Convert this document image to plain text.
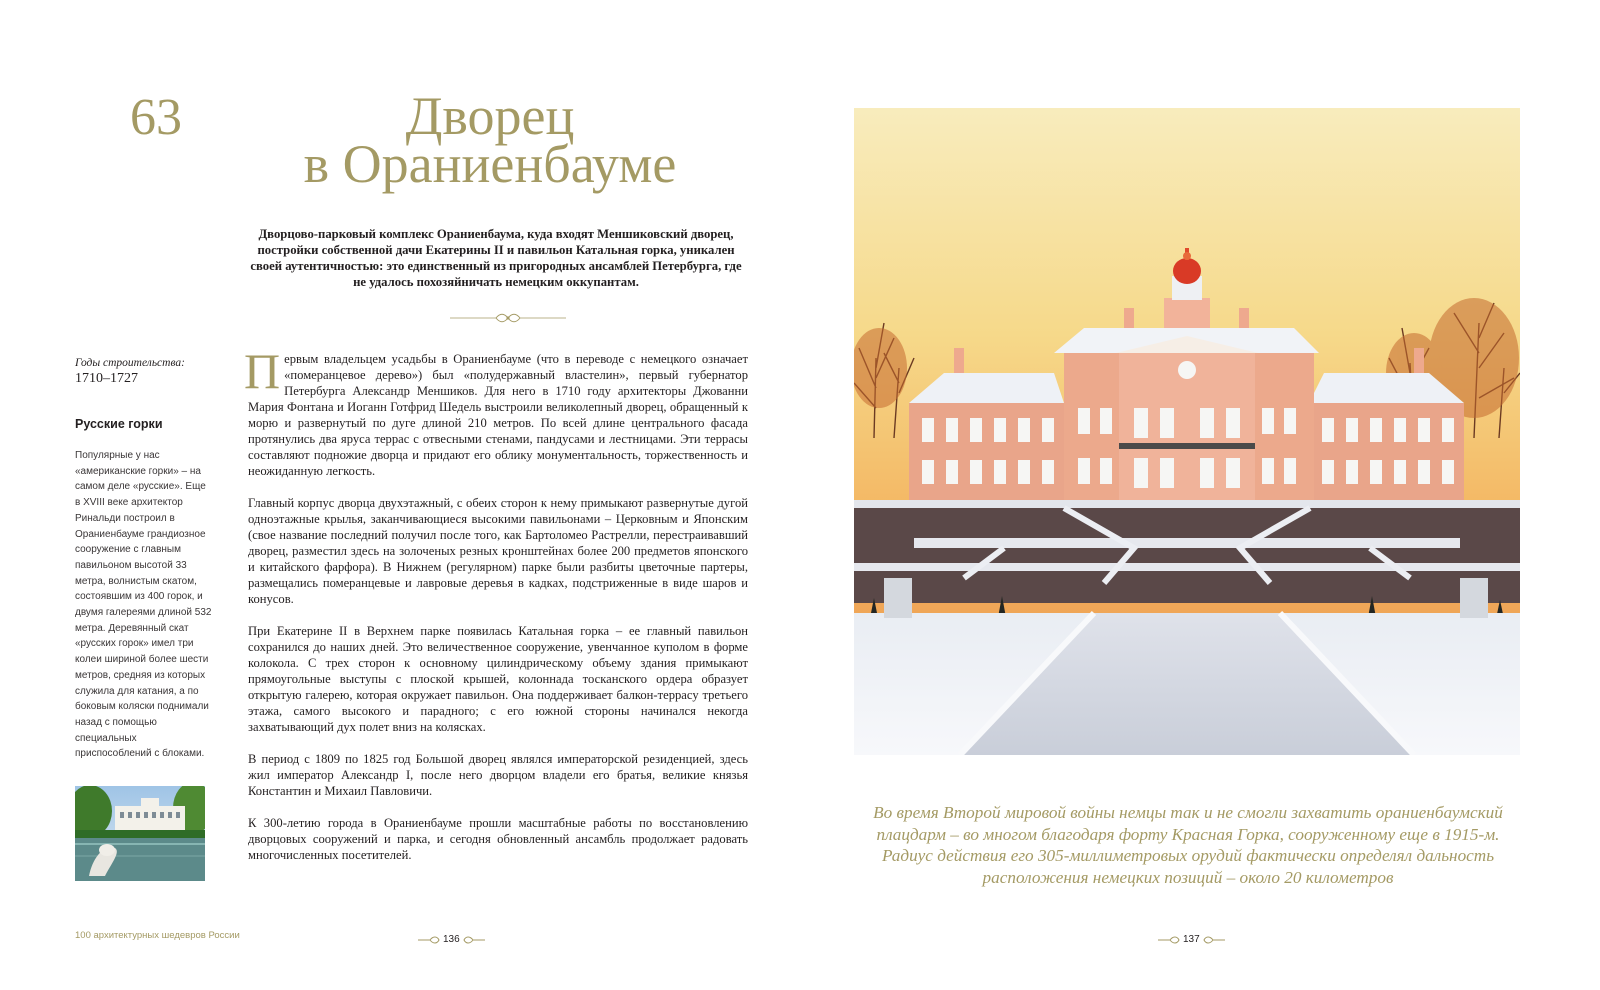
63	Дворец
в Ораниенбауме
Дворцово-парковый комплекс Ораниенбаума, куда входят Меншиковский дворец, постройки собственной дачи Екатерины II и павильон Катальная горка, уникален своей аутентичностью: это единственный из пригородных ансамблей Петербурга, где не удалось похозяйничать немецким оккупантам.
Годы строительства:
1710–1727
Русские горки
Популярные у нас «американские горки» – на самом деле «русские». Еще в XVIII веке архитектор Ринальди построил в Ораниенбауме грандиозное сооружение с главным павильоном высотой 33 метра, волнистым скатом, состоявшим из 400 горок, и двумя галереями длиной 532 метра. Деревянный скат «русских горок» имел три колеи шириной более шести метров, средняя из которых служила для катания, а по боковым коляски поднимали назад с помощью специальных приспособлений с блоками.

Первым владельцем усадьбы в Ораниенбауме (что в переводе с немецкого означает «померанцевое дерево») был «полудержавный властелин», первый губернатор Петербурга Александр Меншиков. Для него в 1710 году архитекторы Джованни Мария Фонтана и Иоганн Готфрид Шедель выстроили великолепный дворец, обращенный к морю и развернутый по дуге длиной 210 метров. По всей длине центрального фасада протянулись два яруса террас с отвесными стенами, пандусами и лестницами. Эти террасы составляют подножие дворца и придают его облику монументальность, торжественность и неожиданную легкость.

Главный корпус дворца двухэтажный, с обеих сторон к нему примыкают развернутые дугой одноэтажные крылья, заканчивающиеся высокими павильонами – Церковным и Японским (свое название последний получил после того, как Бартоломео Растрелли, перестраивавший дворец, разместил здесь на золоченых резных кронштейнах более 200 предметов японского и китайского фарфора). В Нижнем (регулярном) парке были разбиты цветочные партеры, размещались померанцевые и лавровые деревья в кадках, подстриженные в виде шаров и конусов.

При Екатерине II в Верхнем парке появилась Катальная горка – ее главный павильон сохранился до наших дней. Это величественное сооружение, увенчанное куполом в форме колокола. С трех сторон к основному цилиндрическому объему здания примыкают прямоугольные выступы с плоской крышей, колоннада тосканского ордера образует открытую галерею, которая окружает павильон. Она поддерживает балкон-террасу третьего этажа, самого высокого и парадного; с его южной стороны начинался некогда захватывающий дух полет вниз на колясках.

В период с 1809 по 1825 год Большой дворец являлся императорской резиденцией, здесь жил император Александр I, после него дворцом владели его братья, великие князья Константин и Михаил Павловичи.

К 300-летию города в Ораниенбауме прошли масштабные работы по восстановлению дворцовых сооружений и парка, и сегодня обновленный ансамбль продолжает радовать многочисленных посетителей.

Во время Второй мировой войны немцы так и не смогли захватить ораниенбаумский плацдарм – во многом благодаря форту Красная Горка, сооруженному еще в 1915-м. Радиус действия его 305-миллиметровых орудий фактически определял дальность расположения немецких позиций – около 20 километров
100 архитектурных шедевров России	136	137
